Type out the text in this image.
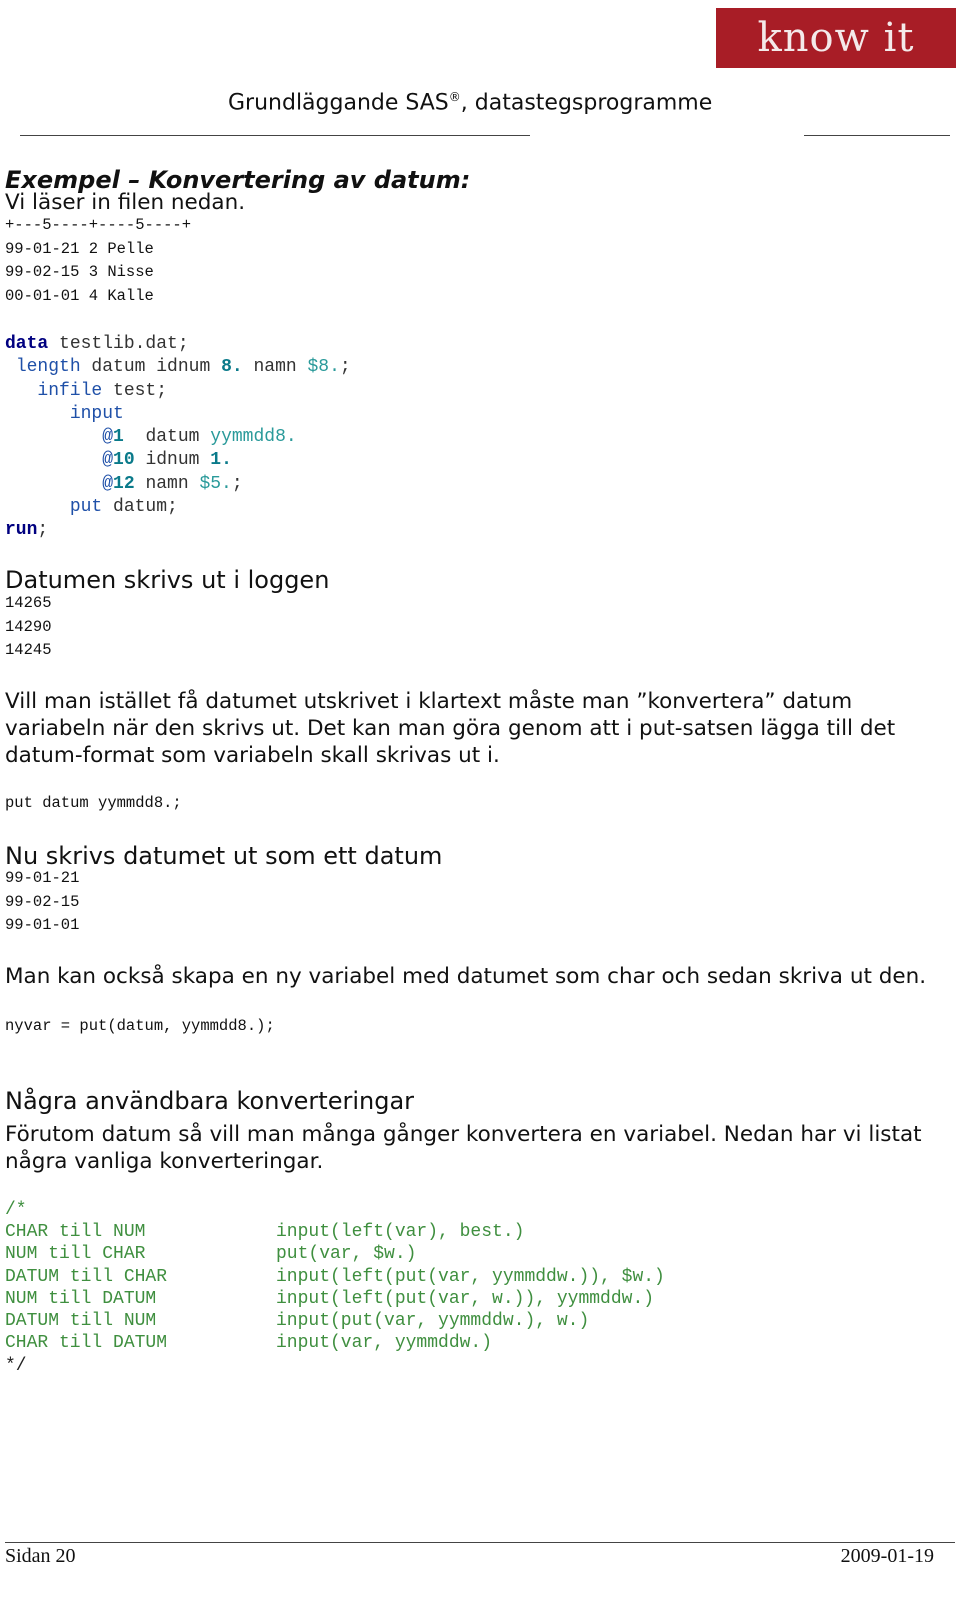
know it
Grundläggande SAS®, datastegsprogramme
Exempel – Konvertering av datum:
Vi läser in filen nedan.
+---5----+----5----+
99-01-21 2 Pelle
99-02-15 3 Nisse
00-01-01 4 Kalle
data testlib.dat;
length datum idnum 8. namn $8.;
infile test;
input
@1  datum yymmdd8.
@10 idnum 1.
@12 namn $5.;
put datum;
run;
Datumen skrivs ut i loggen
14265
14290
14245
Vill man istället få datumet utskrivet i klartext måste man ”konvertera” datum variabeln när den skrivs ut. Det kan man göra genom att i put-satsen lägga till det datum-format som variabeln skall skrivas ut i.
put datum yymmdd8.;
Nu skrivs datumet ut som ett datum
99-01-21
99-02-15
99-01-01
Man kan också skapa en ny variabel med datumet som char och sedan skriva ut den.
nyvar = put(datum, yymmdd8.);
Några användbara konverteringar
Förutom datum så vill man många gånger konvertera en variabel. Nedan har vi listat några vanliga konverteringar.
/*
CHAR till NUM
NUM till CHAR
DATUM till CHAR
NUM till DATUM
DATUM till NUM
CHAR till DATUM
input(left(var), best.)
put(var, $w.)
input(left(put(var, yymmddw.)), $w.)
input(left(put(var, w.)), yymmddw.)
input(put(var, yymmddw.), w.)
input(var, yymmddw.)
*/
Sidan 20	2009-01-19
